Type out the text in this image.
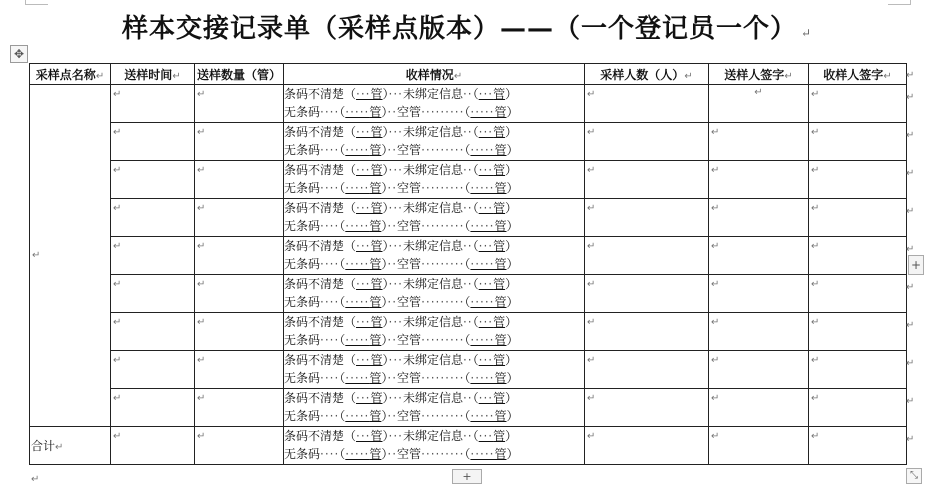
样本交接记录单（采样点版本）——（一个登记员一个） ↵
✥
采样点名称↵	送样时间↵	送样数量（管）	收样情况↵	采样人数（人）↵	送样人签字↵	收样人签字↵

↵	↵	↵	条码不清楚（···管）···未绑定信息··（···管）
无条码····（·····管）··空管·········（·····管）	↵	↵	↵

	↵	↵	条码不清楚（···管）···未绑定信息··（···管）
无条码····（·····管）··空管·········（·····管）	↵	↵	↵

	↵	↵	条码不清楚（···管）···未绑定信息··（···管）
无条码····（·····管）··空管·········（·····管）	↵	↵	↵

	↵	↵	条码不清楚（···管）···未绑定信息··（···管）
无条码····（·····管）··空管·········（·····管）	↵	↵	↵

	↵	↵	条码不清楚（···管）···未绑定信息··（···管）
无条码····（·····管）··空管·········（·····管）	↵	↵	↵

	↵	↵	条码不清楚（···管）···未绑定信息··（···管）
无条码····（·····管）··空管·········（·····管）	↵	↵	↵

	↵	↵	条码不清楚（···管）···未绑定信息··（···管）
无条码····（·····管）··空管·········（·····管）	↵	↵	↵

	↵	↵	条码不清楚（···管）···未绑定信息··（···管）
无条码····（·····管）··空管·········（·····管）	↵	↵	↵

	↵	↵	条码不清楚（···管）···未绑定信息··（···管）
无条码····（·····管）··空管·········（·····管）	↵	↵	↵

合计↵	↵	↵	条码不清楚（···管）···未绑定信息··（···管）
无条码····（·····管）··空管·········（·····管）	↵	↵	↵
+
+	⤡
↵
↵
↵
↵
↵
↵
↵
↵
↵
↵
↵
↵
